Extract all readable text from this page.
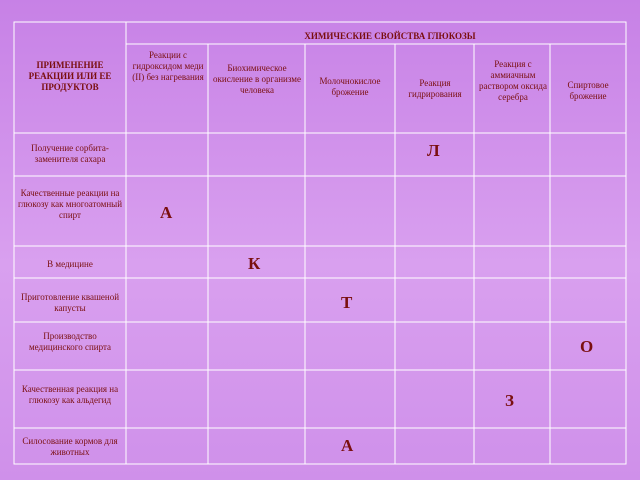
ПРИМЕНЕНИЕ РЕАКЦИИ ИЛИ ЕЕ ПРОДУКТОВ
ХИМИЧЕСКИЕ СВОЙСТВА ГЛЮКОЗЫ
Реакции с гидроксидом меди (II) без нагревания
Биохимическое окисление в организме человека
Молочнокислое брожение
Реакция гидрирования
Реакция с аммиачным раствором оксида серебра
Спиртовое брожение
Получение сорбита- заменителя сахара
Качественные реакции на глюкозу как многоатомный спирт
В медицине
Приготовление квашеной капусты
Производство медицинского спирта
Качественная реакция на глюкозу как альдегид
Силосование кормов для животных
Л
А
К
Т
О
З
А
